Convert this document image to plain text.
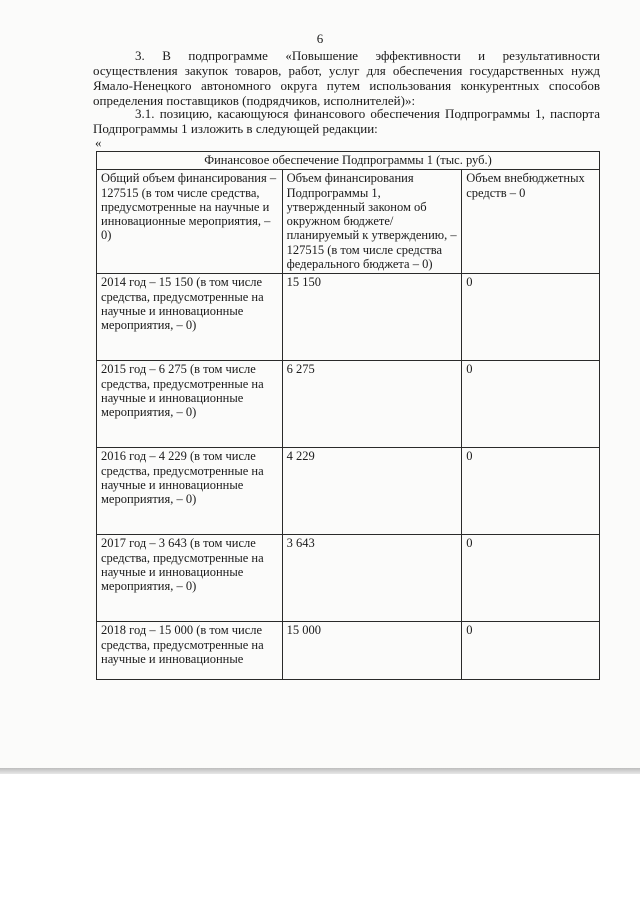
6

3. В подпрограмме «Повышение эффективности и результативности осуществления закупок товаров, работ, услуг для обеспечения государственных нужд Ямало-Ненецкого автономного округа путем использования конкурентных способов определения поставщиков (подрядчиков, исполнителей)»:

3.1. позицию, касающуюся финансового обеспечения Подпрограммы 1, паспорта Подпрограммы 1 изложить в следующей редакции:

«
Финансовое обеспечение Подпрограммы 1 (тыс. руб.)		
Общий объем финансирования – 127515 (в том числе средства, предусмотренные на научные и инновационные мероприятия, – 0)	Объем финансирования Подпрограммы 1, утвержденный законом об окружном бюджете/ планируемый к утверждению, – 127515 (в том числе средства федерального бюджета – 0)	Объем внебюджетных средств – 0
2014 год – 15 150 (в том числе средства, предусмотренные на научные и инновационные мероприятия, – 0)	15 150	0
2015 год – 6 275 (в том числе средства, предусмотренные на научные и инновационные мероприятия, – 0)	6 275	0
2016 год – 4 229 (в том числе средства, предусмотренные на научные и инновационные мероприятия, – 0)	4 229	0
2017 год – 3 643 (в том числе средства, предусмотренные на научные и инновационные мероприятия, – 0)	3 643	0
2018 год – 15 000 (в том числе средства, предусмотренные на научные и инновационные	15 000	0
